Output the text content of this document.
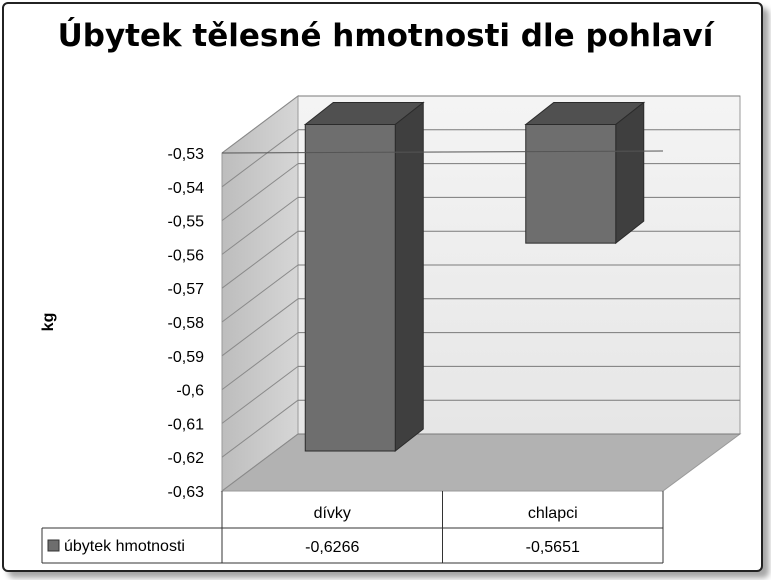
Úbytek tělesné hmotnosti dle pohlaví
-0,53
-0,54
-0,55
-0,56
-0,57
-0,58
-0,59
-0,6
-0,61
-0,62
-0,63
kg
dívky
-0,6266
chlapci
-0,5651
úbytek hmotnosti
